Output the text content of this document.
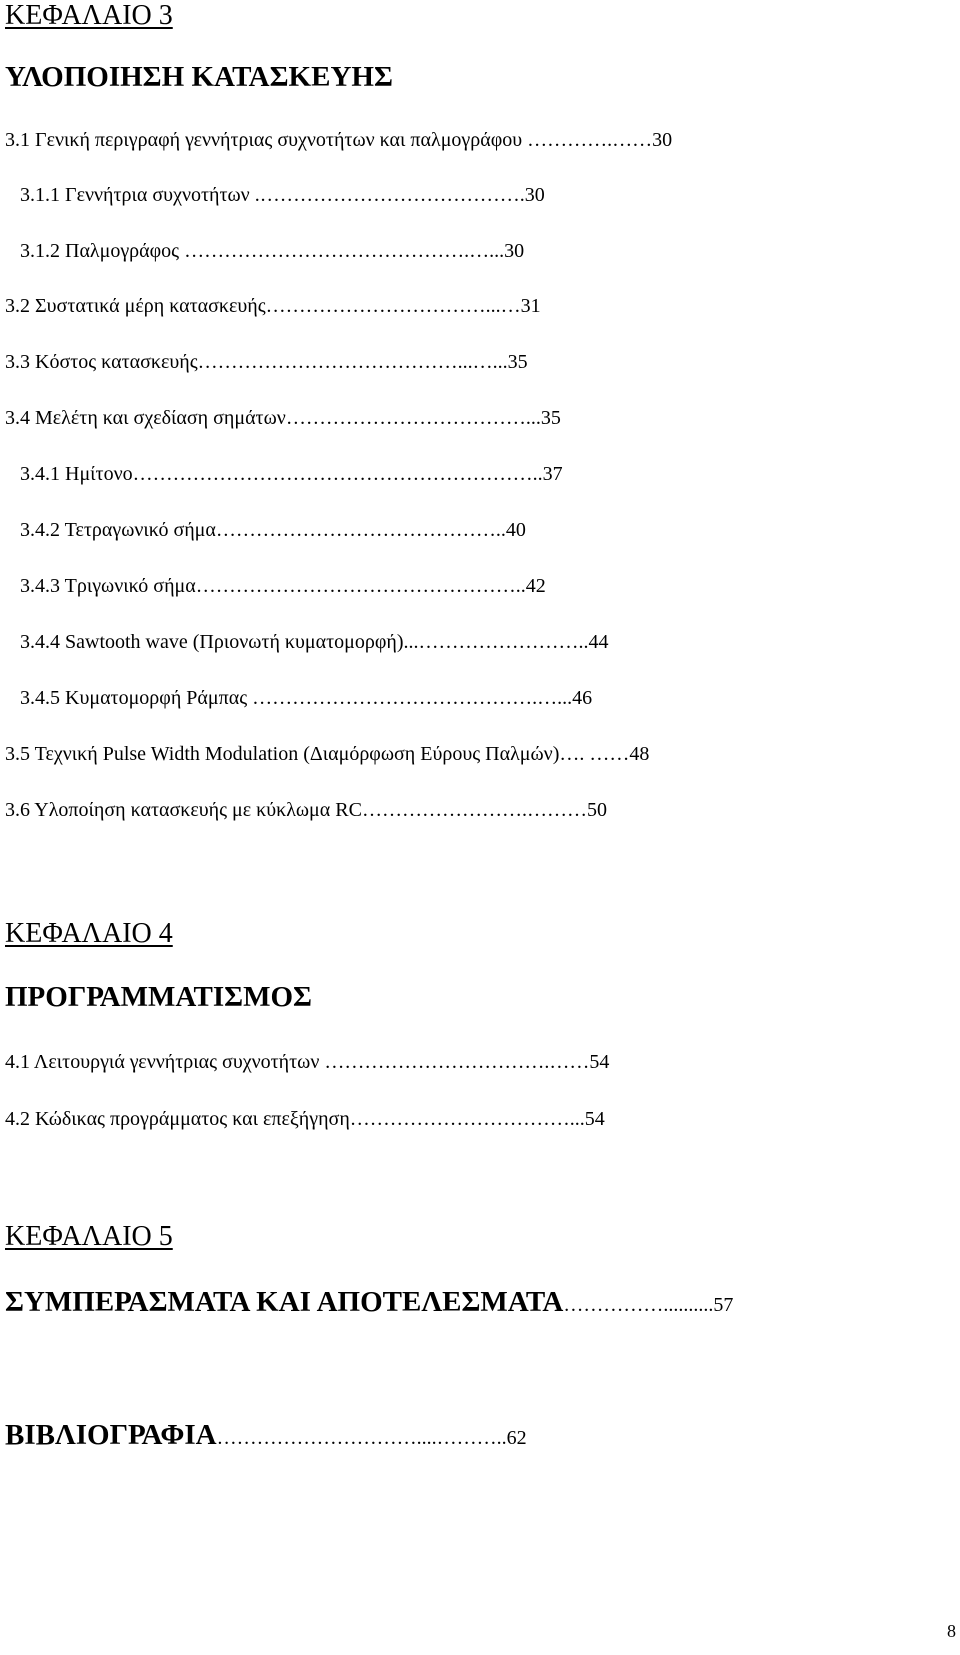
ΚΕΦΑΛΑΙΟ 3
ΥΛΟΠΟΙΗΣΗ ΚΑΤΑΣΚΕΥΗΣ
3.1 Γενική περιγραφή γεννήτριας συχνοτήτων και παλμογράφου ………….……30
3.1.1 Γεννήτρια συχνοτήτων .………………………………….30
3.1.2 Παλμογράφος …………………………………….…...30
3.2 Συστατικά μέρη κατασκευής……………………………...…31
3.3 Κόστος κατασκευής…………………………………...…...35
3.4 Μελέτη και σχεδίαση σημάτων………………………………...35
3.4.1 Ημίτονο……………………………………………………..37
3.4.2 Τετραγωνικό σήμα……………………………………..40
3.4.3 Τριγωνικό σήμα…………………………………………..42
3.4.4 Sawtooth wave (Πριονωτή κυματομορφή)...……………………..44
3.4.5 Κυματομορφή Ράμπας …………………………………….…...46
3.5 Τεχνική Pulse Width Modulation (Διαμόρφωση Εύρους Παλμών)…. ……48
3.6 Υλοποίηση κατασκευής με κύκλωμα RC…………………….………50
ΚΕΦΑΛΑΙΟ 4
ΠΡΟΓΡΑΜΜΑΤΙΣΜΟΣ
4.1 Λειτουργιά γεννήτριας συχνοτήτων …………………………….……54
4.2 Κώδικας προγράμματος και επεξήγηση……………………………...54
ΚΕΦΑΛΑΙΟ 5
ΣΥΜΠΕΡΑΣΜΑΤΑ ΚΑΙ ΑΠΟΤΕΛΕΣΜΑΤΑ……………..........57
ΒΙΒΛΙΟΓΡΑΦΙΑ…………………………....………..62
8
